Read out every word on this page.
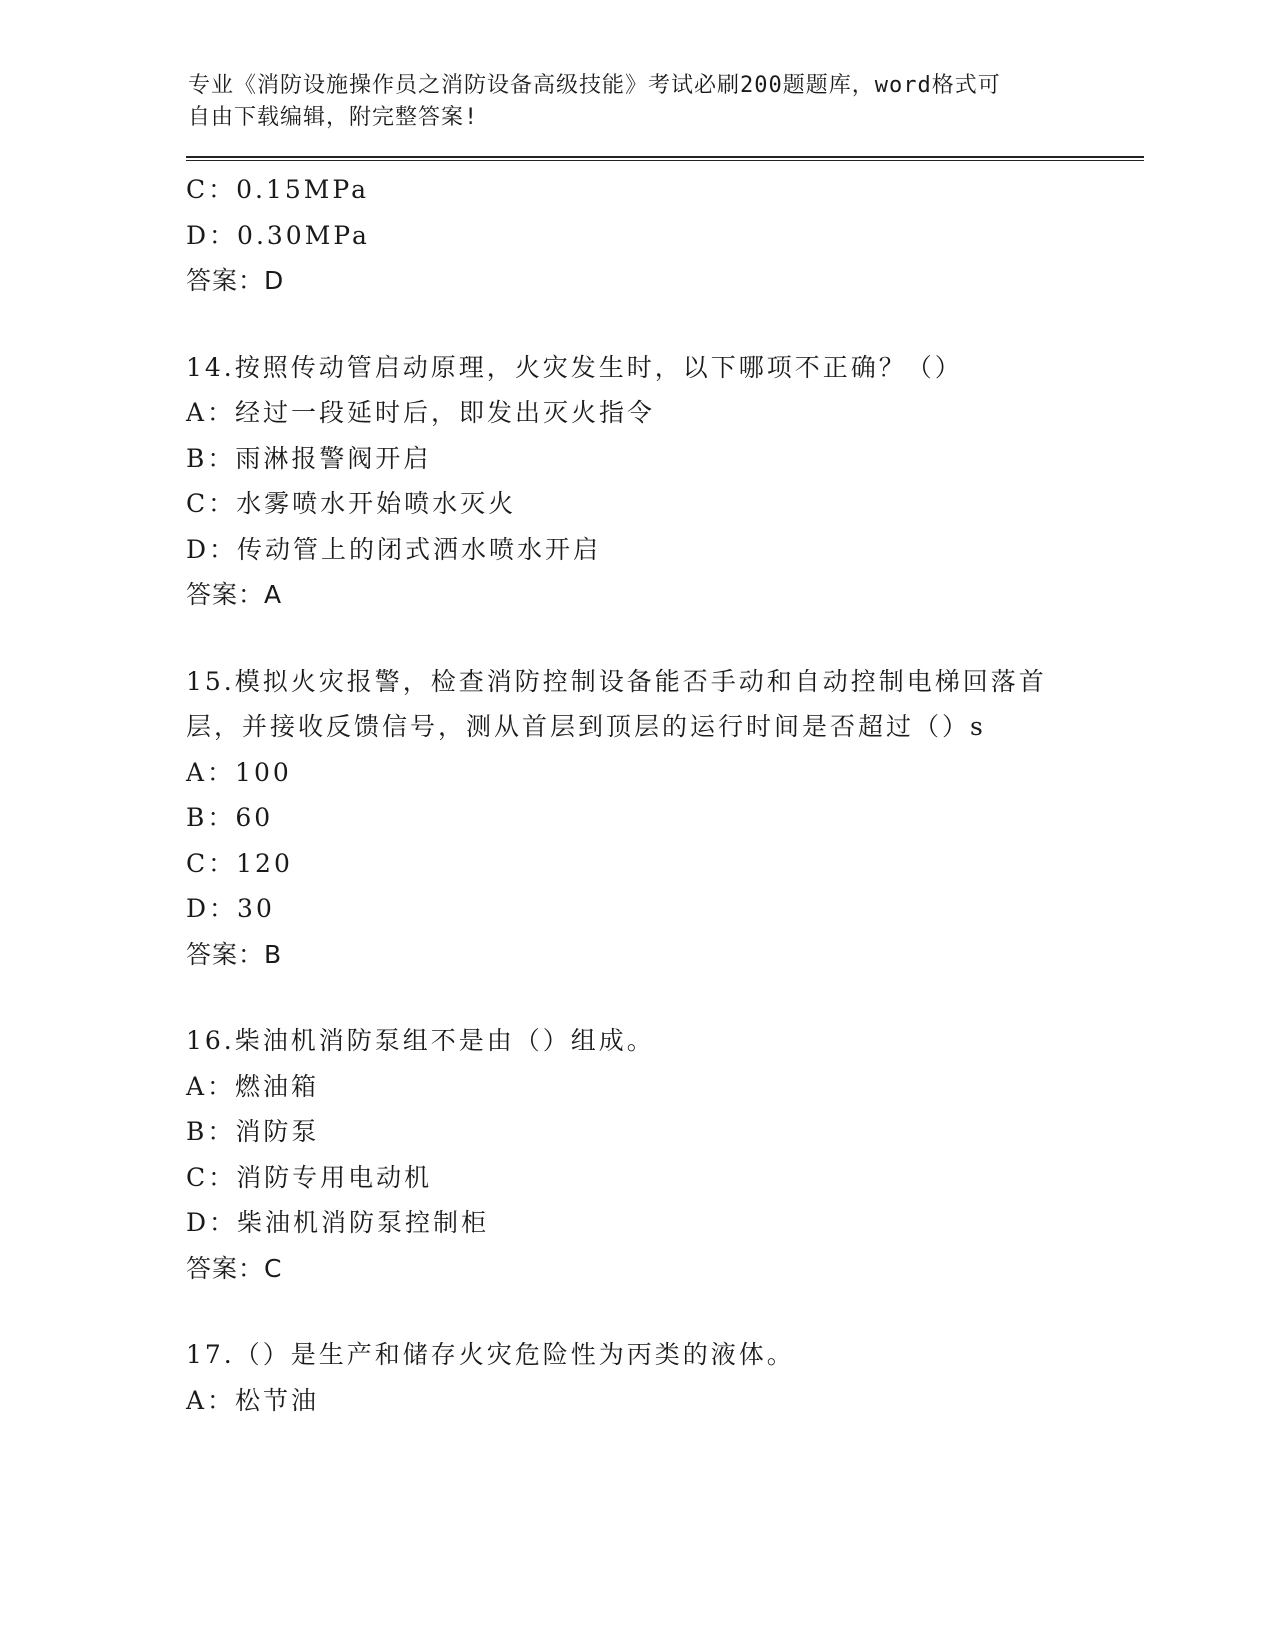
专业《消防设施操作员之消防设备高级技能》考试必刷200题题库，word格式可
自由下载编辑，附完整答案!
C：0.15MPa
D：0.30MPa
答案：D
14.按照传动管启动原理，火灾发生时，以下哪项不正确？（）
A：经过一段延时后，即发出灭火指令
B：雨淋报警阀开启
C：水雾喷水开始喷水灭火
D：传动管上的闭式洒水喷水开启
答案：A
15.模拟火灾报警，检查消防控制设备能否手动和自动控制电梯回落首
层，并接收反馈信号，测从首层到顶层的运行时间是否超过（）s
A：100
B：60
C：120
D：30
答案：B
16.柴油机消防泵组不是由（）组成。
A：燃油箱
B：消防泵
C：消防专用电动机
D：柴油机消防泵控制柜
答案：C
17.（）是生产和储存火灾危险性为丙类的液体。
A：松节油
